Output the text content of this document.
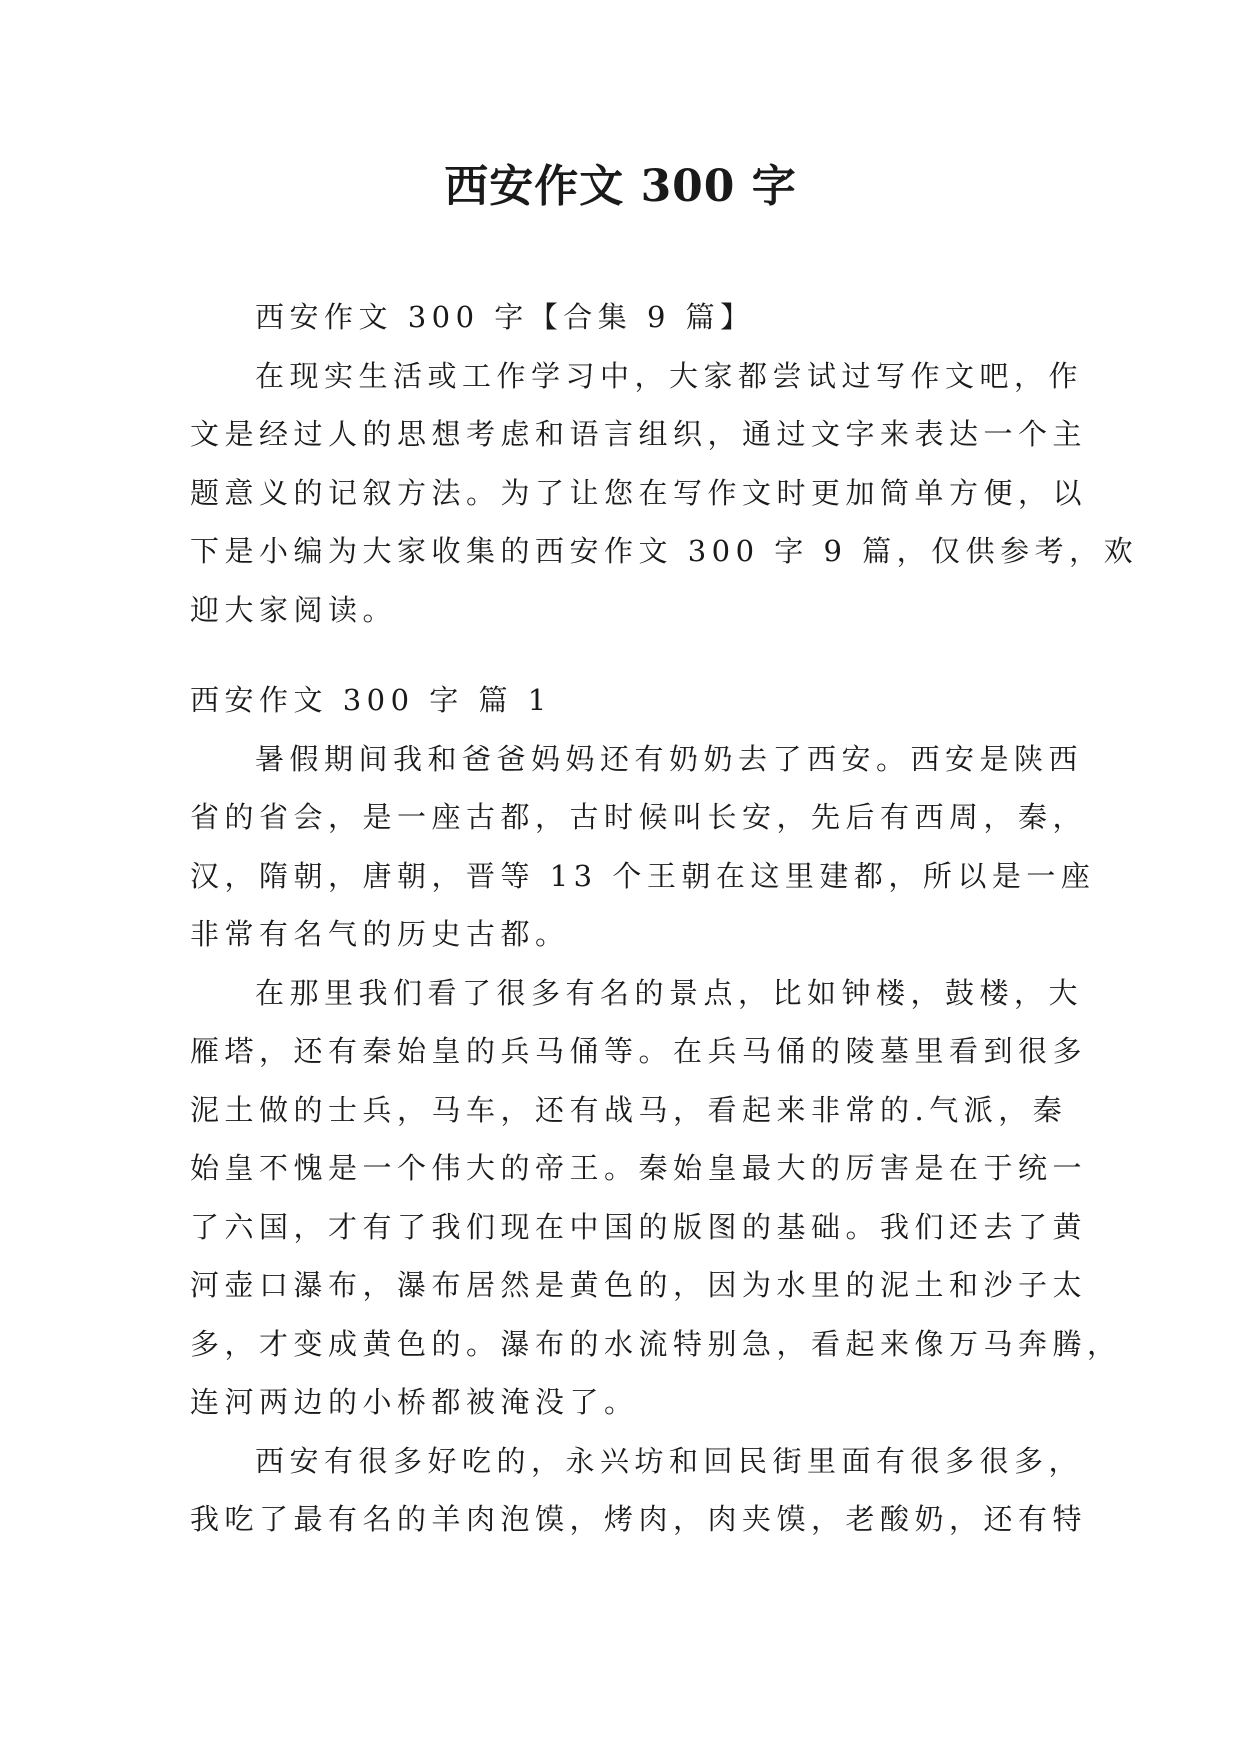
西安作文 300 字
西安作文 300 字【合集 9 篇】
在现实生活或工作学习中，大家都尝试过写作文吧，作
文是经过人的思想考虑和语言组织，通过文字来表达一个主
题意义的记叙方法。为了让您在写作文时更加简单方便，以
下是小编为大家收集的西安作文 300 字 9 篇，仅供参考，欢
迎大家阅读。
西安作文 300 字 篇 1
暑假期间我和爸爸妈妈还有奶奶去了西安。西安是陕西
省的省会，是一座古都，古时候叫长安，先后有西周，秦，
汉，隋朝，唐朝，晋等 13 个王朝在这里建都，所以是一座
非常有名气的历史古都。
在那里我们看了很多有名的景点，比如钟楼，鼓楼，大
雁塔，还有秦始皇的兵马俑等。在兵马俑的陵墓里看到很多
泥土做的士兵，马车，还有战马，看起来非常的.气派，秦
始皇不愧是一个伟大的帝王。秦始皇最大的厉害是在于统一
了六国，才有了我们现在中国的版图的基础。我们还去了黄
河壶口瀑布，瀑布居然是黄色的，因为水里的泥土和沙子太
多，才变成黄色的。瀑布的水流特别急，看起来像万马奔腾，
连河两边的小桥都被淹没了。
西安有很多好吃的，永兴坊和回民街里面有很多很多，
我吃了最有名的羊肉泡馍，烤肉，肉夹馍，老酸奶，还有特
